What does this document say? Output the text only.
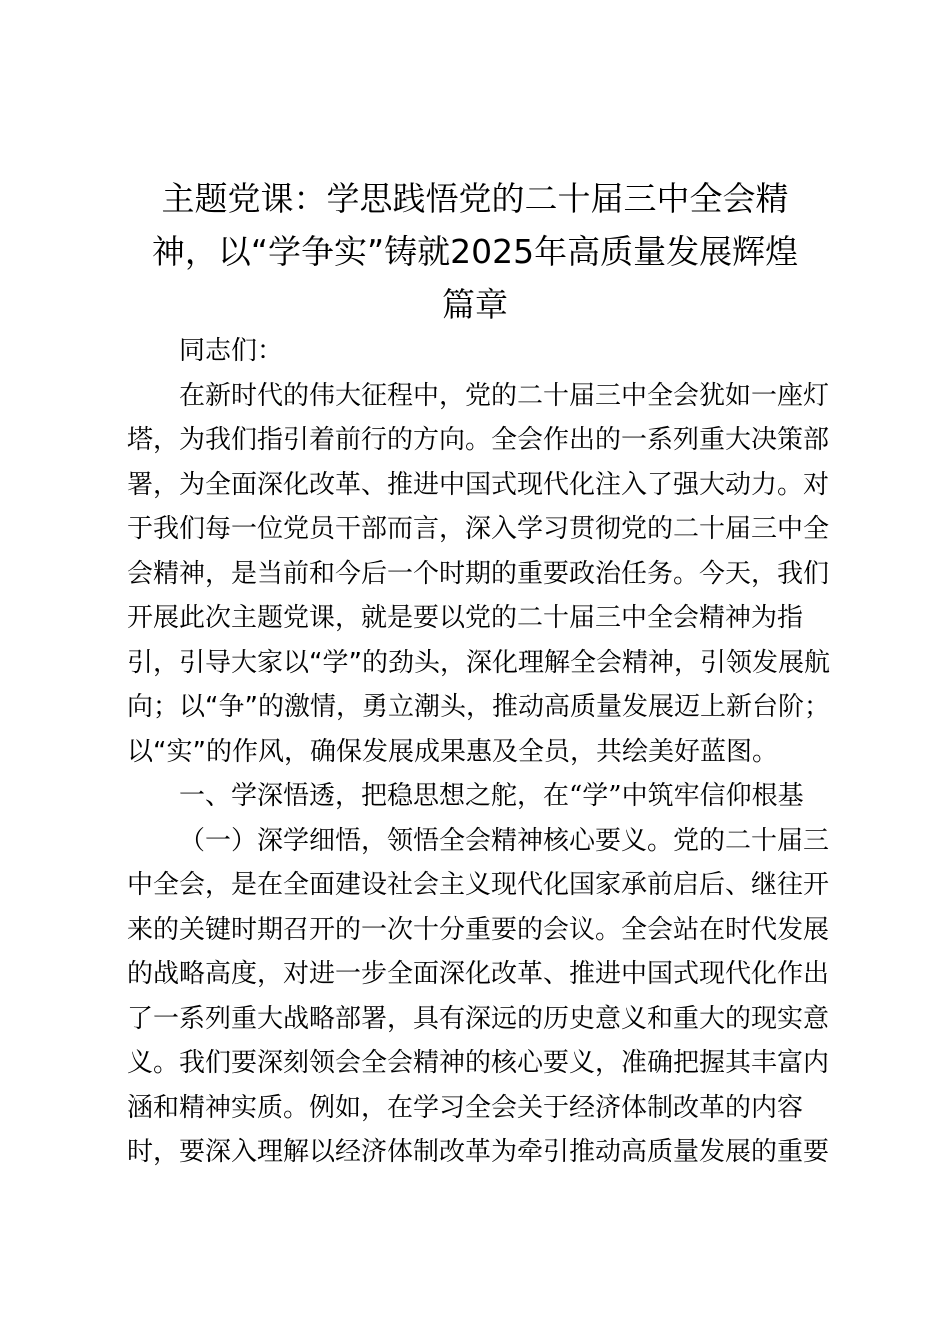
主题党课：学思践悟党的二十届三中全会精
神，以“学争实”铸就2025年高质量发展辉煌
篇章

同志们：

在新时代的伟大征程中，党的二十届三中全会犹如一座灯
塔，为我们指引着前行的方向。全会作出的一系列重大决策部
署，为全面深化改革、推进中国式现代化注入了强大动力。对
于我们每一位党员干部而言，深入学习贯彻党的二十届三中全
会精神，是当前和今后一个时期的重要政治任务。今天，我们
开展此次主题党课，就是要以党的二十届三中全会精神为指
引，引导大家以“学”的劲头，深化理解全会精神，引领发展航
向；以“争”的激情，勇立潮头，推动高质量发展迈上新台阶；
以“实”的作风，确保发展成果惠及全员，共绘美好蓝图。

一、学深悟透，把稳思想之舵，在“学”中筑牢信仰根基

（一）深学细悟，领悟全会精神核心要义。党的二十届三
中全会，是在全面建设社会主义现代化国家承前启后、继往开
来的关键时期召开的一次十分重要的会议。全会站在时代发展
的战略高度，对进一步全面深化改革、推进中国式现代化作出
了一系列重大战略部署，具有深远的历史意义和重大的现实意
义。我们要深刻领会全会精神的核心要义，准确把握其丰富内
涵和精神实质。例如，在学习全会关于经济体制改革的内容
时，要深入理解以经济体制改革为牵引推动高质量发展的重要
